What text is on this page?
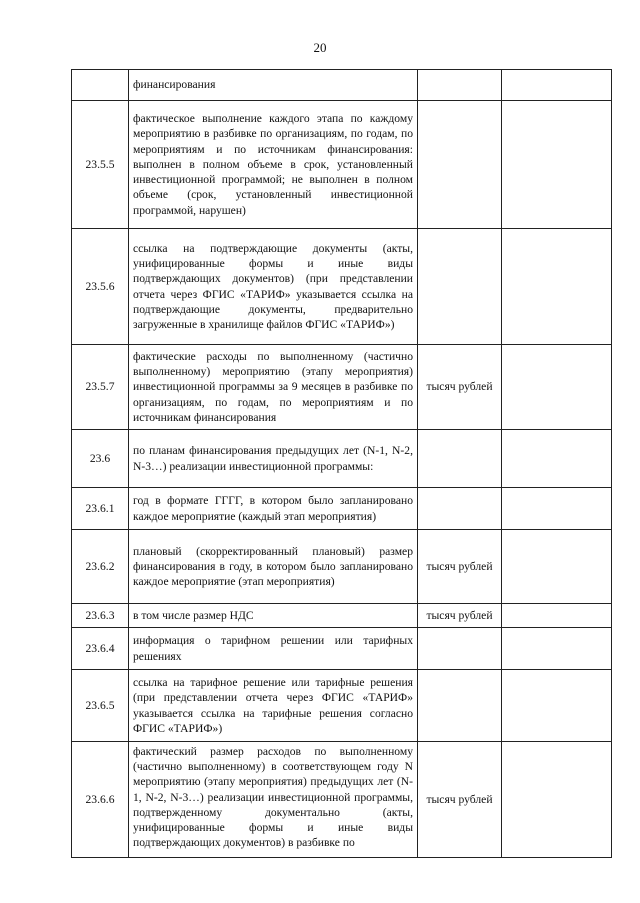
20
	финансирования		
23.5.5	фактическое выполнение каждого этапа по каждому мероприятию в разбивке по организациям, по годам, по мероприятиям и по источникам финансирования: выполнен в полном объеме в срок, установленный инвестиционной программой; не выполнен в полном объеме (срок, установленный инвестиционной программой, нарушен)		
23.5.6	ссылка на подтверждающие документы (акты, унифицированные формы и иные виды подтверждающих документов) (при представлении отчета через ФГИС «ТАРИФ» указывается ссылка на подтверждающие документы, предварительно загруженные в хранилище файлов ФГИС «ТАРИФ»)		
23.5.7	фактические расходы по выполненному (частично выполненному) мероприятию (этапу мероприятия) инвестиционной программы за 9 месяцев в разбивке по организациям, по годам, по мероприятиям и по источникам финансирования	тысяч рублей	
23.6	по планам финансирования предыдущих лет (N-1, N-2, N-3…) реализации инвестиционной программы:		
23.6.1	год в формате ГГГГ, в котором было запланировано каждое мероприятие (каждый этап мероприятия)		
23.6.2	плановый (скорректированный плановый) размер финансирования в году, в котором было запланировано каждое мероприятие (этап мероприятия)	тысяч рублей	
23.6.3	в том числе размер НДС	тысяч рублей	
23.6.4	информация о тарифном решении или тарифных решениях		
23.6.5	ссылка на тарифное решение или тарифные решения (при представлении отчета через ФГИС «ТАРИФ» указывается ссылка на тарифные решения согласно ФГИС «ТАРИФ»)		
23.6.6	фактический размер расходов по выполненному (частично выполненному) в соответствующем году N мероприятию (этапу мероприятия) предыдущих лет (N-1, N-2, N-3…) реализации инвестиционной программы, подтвержденному документально (акты, унифицированные формы и иные виды подтверждающих документов) в разбивке по	тысяч рублей	
